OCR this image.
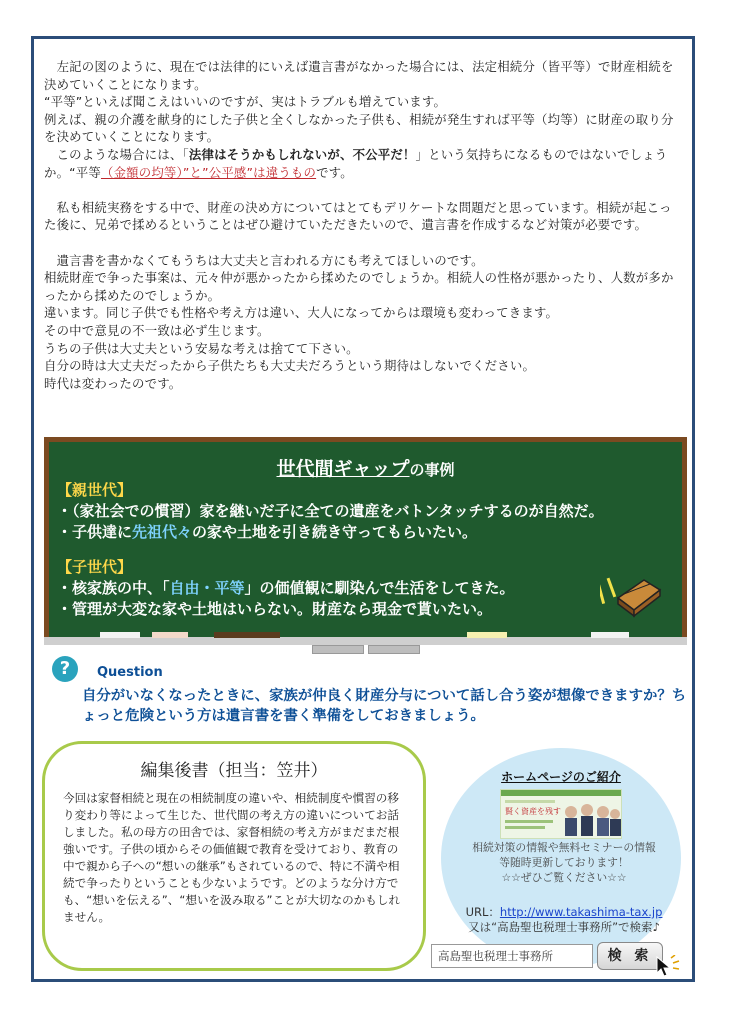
　左記の図のように、現在では法律的にいえば遺言書がなかった場合には、法定相続分（皆平等）で財産相続を決めていくことになります。

“平等”といえば聞こえはいいのですが、実はトラブルも増えています。

例えば、親の介護を献身的にした子供と全くしなかった子供も、相続が発生すれば平等（均等）に財産の取り分を決めていくことになります。

　このような場合には、「法律はそうかもしれないが、不公平だ！」という気持ちになるものではないでしょうか。“平等（金額の均等）”と”公平感”は違うものです。

　私も相続実務をする中で、財産の決め方についてはとてもデリケートな問題だと思っています。相続が起こった後に、兄弟で揉めるということはぜひ避けていただきたいので、遺言書を作成するなど対策が必要です。

　遺言書を書かなくてもうちは大丈夫と言われる方にも考えてほしいのです。

相続財産で争った事案は、元々仲が悪かったから揉めたのでしょうか。相続人の性格が悪かったり、人数が多かったから揉めたのでしょうか。

違います。同じ子供でも性格や考え方は違い、大人になってからは環境も変わってきます。

その中で意見の不一致は必ず生じます。

うちの子供は大丈夫という安易な考えは捨てて下さい。

自分の時は大丈夫だったから子供たちも大丈夫だろうという期待はしないでください。

時代は変わったのです。

世代間ギャップの事例
【親世代】
・（家社会での慣習）家を継いだ子に全ての遺産をバトンタッチするのが自然だ。
・子供達に先祖代々の家や土地を引き続き守ってもらいたい。
【子世代】
・核家族の中、「自由・平等」の価値観に馴染んで生活をしてきた。
・管理が大変な家や土地はいらない。財産なら現金で貰いたい。
?	Question
自分がいなくなったときに、家族が仲良く財産分与について話し合う姿が想像できますか？ちょっと危険という方は遺言書を書く準備をしておきましょう。
編集後書（担当：笠井）
今回は家督相続と現在の相続制度の違いや、相続制度や慣習の移り変わり等によって生じた、世代間の考え方の違いについてお話しました。私の母方の田舎では、家督相続の考え方がまだまだ根強いです。子供の頃からその価値観で教育を受けており、教育の中で親から子への“想いの継承”もされているので、特に不満や相続で争ったりということも少ないようです。どのような分け方でも、“想いを伝える”、“想いを汲み取る”ことが大切なのかもしれません。
ホームページのご紹介
賢く資産を残す
相続対策の情報や無料セミナーの情報
等随時更新しております！
☆☆ぜひご覧ください☆☆
URL：http://www.takashima-tax.jp
又は“高島聖也税理士事務所”で検索♪
高島聖也税理士事務所	検 索
